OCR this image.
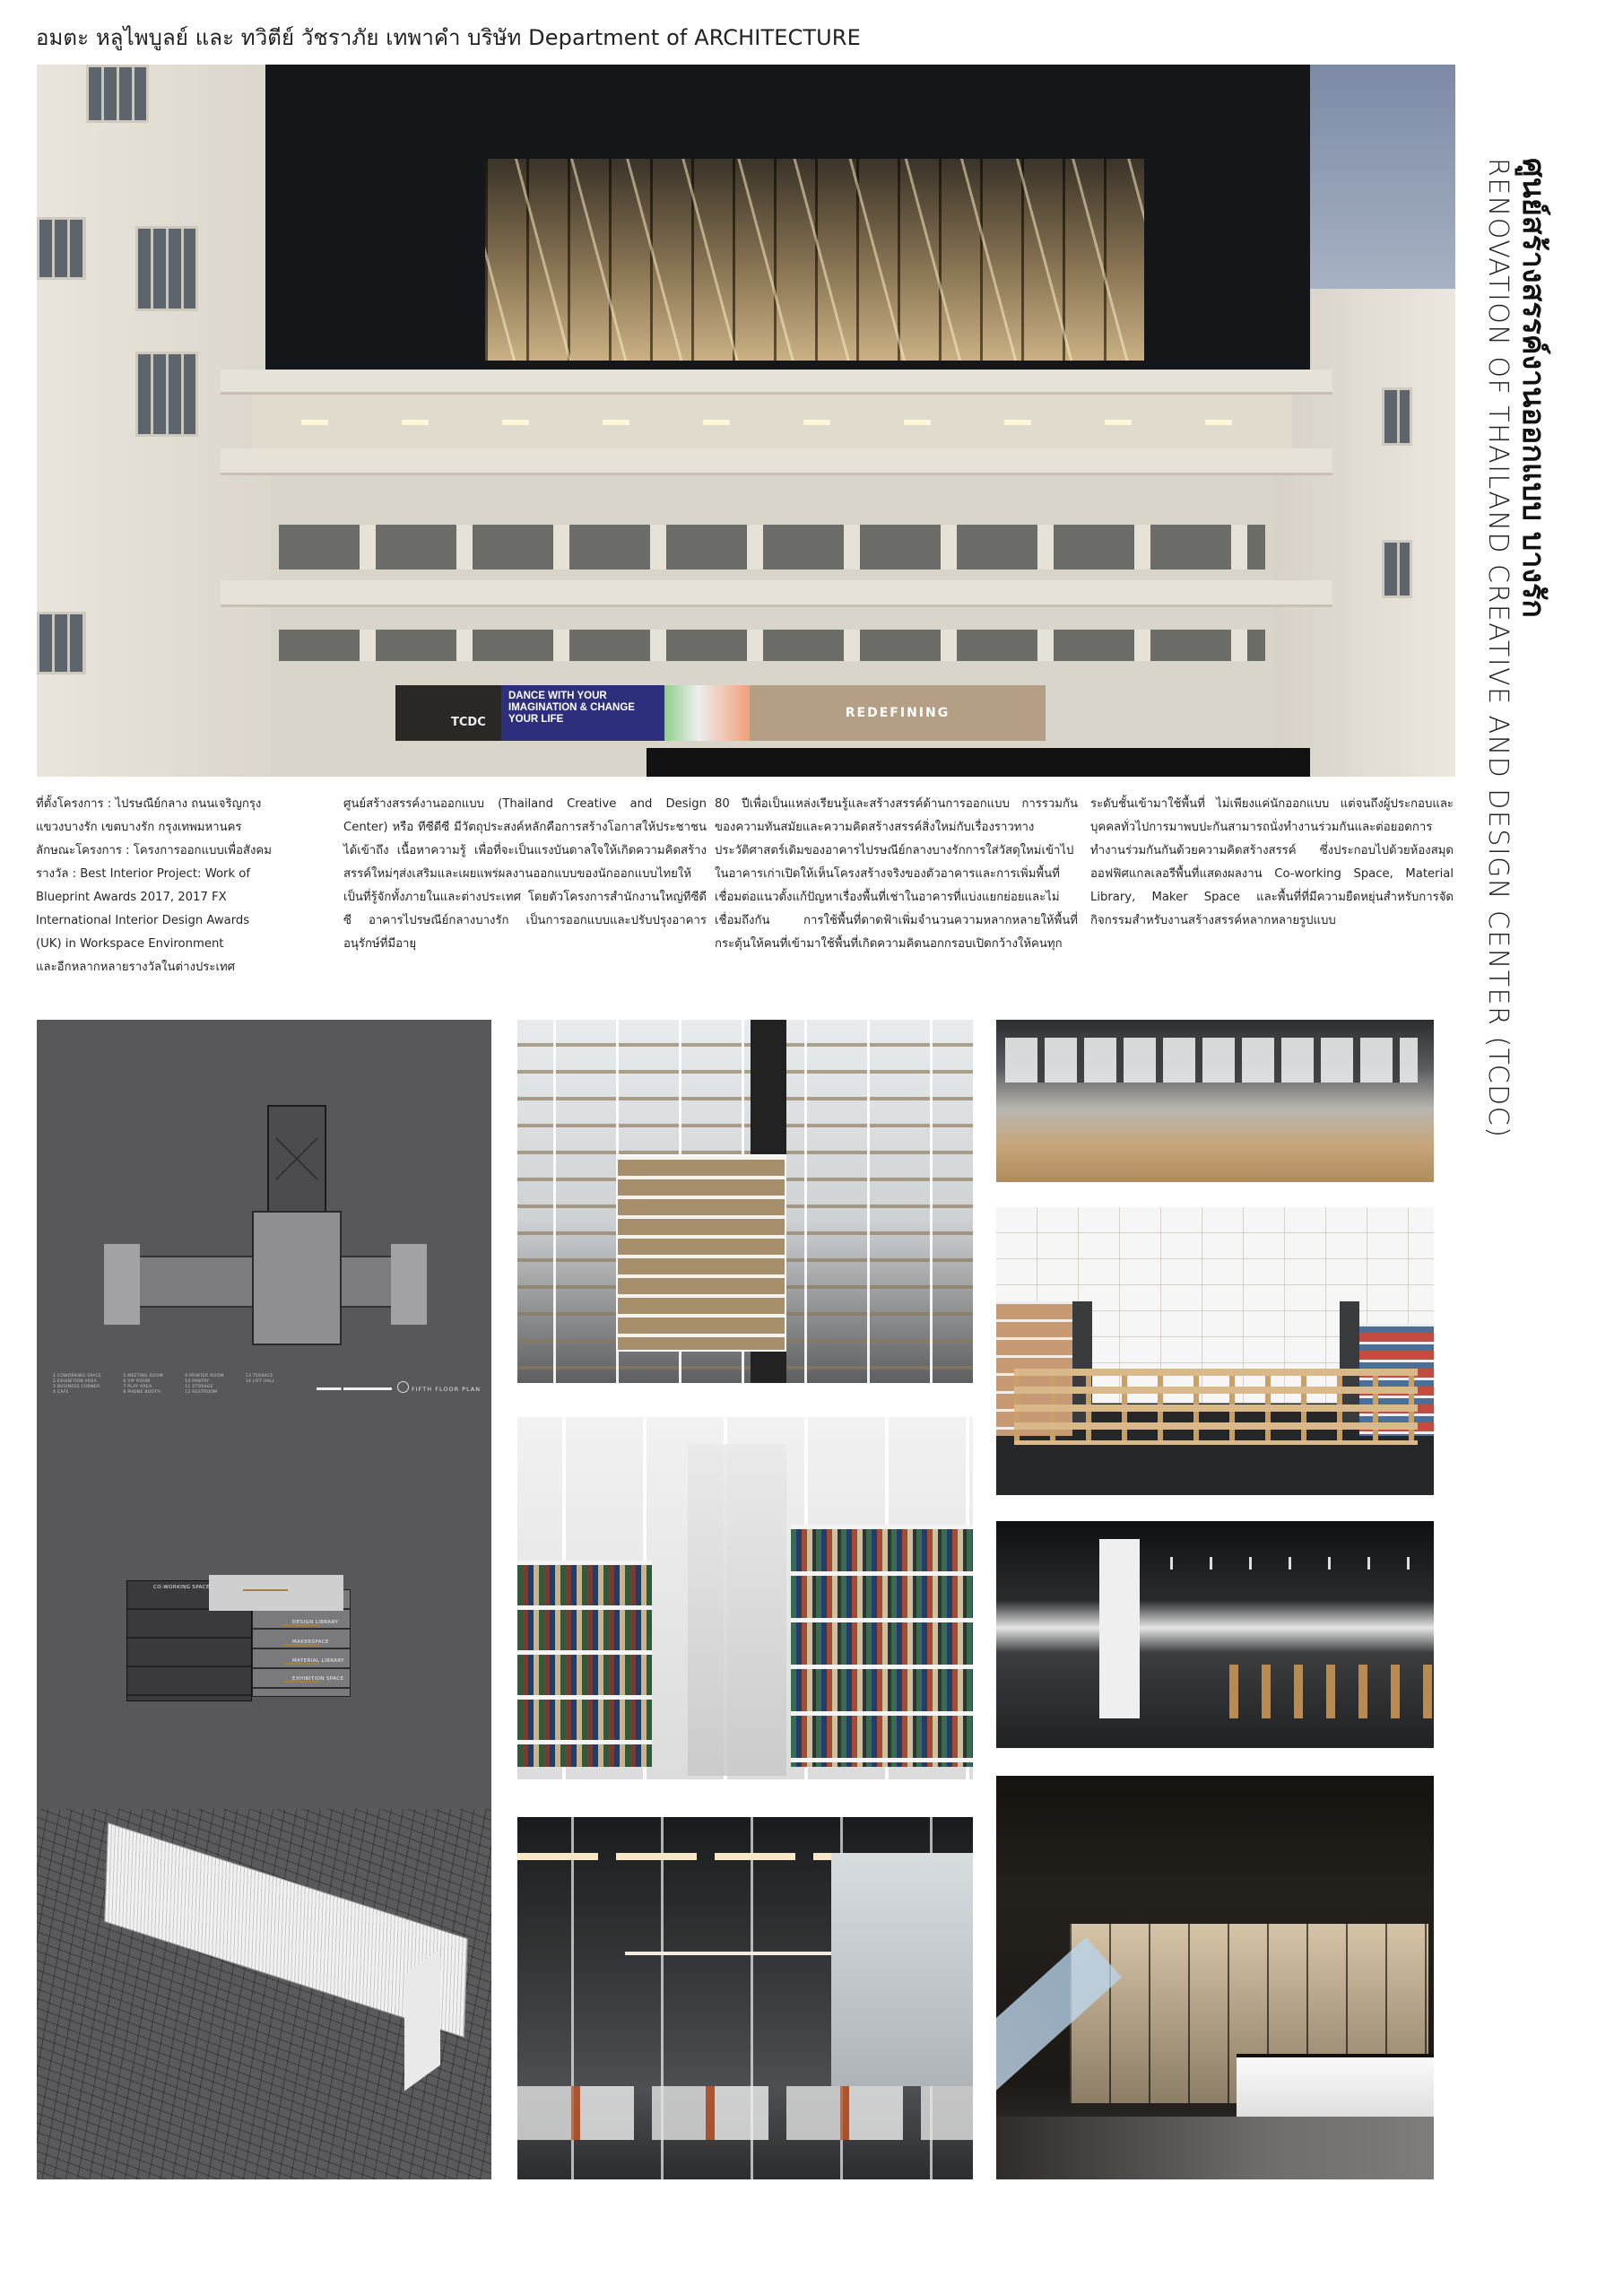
อมตะ หลูไพบูลย์ และ ทวิตีย์ วัชราภัย เทพาคำ บริษัท Department of ARCHITECTURE
TCDC
DANCE WITH YOUR IMAGINATION & CHANGE YOUR LIFE	REDEFINING
ศูนย์สร้างสรรค์งานออกแบบ บางรัก
RENOVATION OF THAILAND CREATIVE AND DESIGN CENTER (TCDC)

ที่ตั้งโครงการ : ไปรษณีย์กลาง ถนนเจริญกรุง

แขวงบางรัก เขตบางรัก กรุงเทพมหานคร

ลักษณะโครงการ : โครงการออกแบบเพื่อสังคม

รางวัล : Best Interior Project: Work of

Blueprint Awards 2017, 2017 FX

International Interior Design Awards

(UK) in Workspace Environment

และอีกหลากหลายรางวัลในต่างประเทศ

ศูนย์สร้างสรรค์งานออกแบบ (Thailand Creative and Design Center) หรือ ทีซีดีซี มีวัตถุประสงค์หลักคือการสร้างโอกาสให้ประชาชนได้เข้าถึง เนื้อหาความรู้ เพื่อที่จะเป็นแรงบันดาลใจให้เกิดความคิดสร้างสรรค์ใหม่ๆส่งเสริมและเผยแพร่ผลงานออกแบบของนักออกแบบไทยให้เป็นที่รู้จักทั้งภายในและต่างประเทศ โดยตัวโครงการสำนักงานใหญ่ทีซีดีซี อาคารไปรษณีย์กลางบางรัก เป็นการออกแบบและปรับปรุงอาคารอนุรักษ์ที่มีอายุ
80 ปีเพื่อเป็นแหล่งเรียนรู้และสร้างสรรค์ด้านการออกแบบ การรวมกันของความทันสมัยและความคิดสร้างสรรค์สิ่งใหม่กับเรื่องราวทางประวัติศาสตร์เดิมของอาคารไปรษณีย์กลางบางรักการใส่วัสดุใหม่เข้าไปในอาคารเก่าเปิดให้เห็นโครงสร้างจริงของตัวอาคารและการเพิ่มพื้นที่เชื่อมต่อแนวตั้งแก้ปัญหาเรื่องพื้นที่เช่าในอาคารที่แบ่งแยกย่อยและไม่เชื่อมถึงกัน การใช้พื้นที่ดาดฟ้าเพิ่มจำนวนความหลากหลายให้พื้นที่กระตุ้นให้คนที่เข้ามาใช้พื้นที่เกิดความคิดนอกกรอบเปิดกว้างให้คนทุก
ระดับชั้นเข้ามาใช้พื้นที่ ไม่เพียงแค่นักออกแบบ แต่จนถึงผู้ประกอบและบุคคลทั่วไปการมาพบปะกันสามารถนั่งทำงานร่วมกันและต่อยอดการทำงานร่วมกันกันด้วยความคิดสร้างสรรค์ ซึ่งประกอบไปด้วยห้องสมุดออฟฟิศแกลเลอรีพื้นที่แสดงผลงาน Co-working Space, Material Library, Maker Space และพื้นที่ที่มีความยืดหยุ่นสำหรับการจัดกิจกรรมสำหรับงานสร้างสรรค์หลากหลายรูปแบบ
1 COWORKING SPACE	5 MEETING ROOM	9 PRINTER ROOM	13 TERRACE
2 EXHIBITION AREA	6 VIP ROOM	10 PANTRY	14 LIFT HALL
3 BUSINESS CORNER	7 PLAY AREA	11 STORAGE
4 CAFE	8 PHONE BOOTH	12 RESTROOM	FIFTH FLOOR PLAN
CO-WORKING SPACE
DESIGN LIBRARY
MAKERSPACE
MATERIAL LIBRARY
EXHIBITION SPACE
